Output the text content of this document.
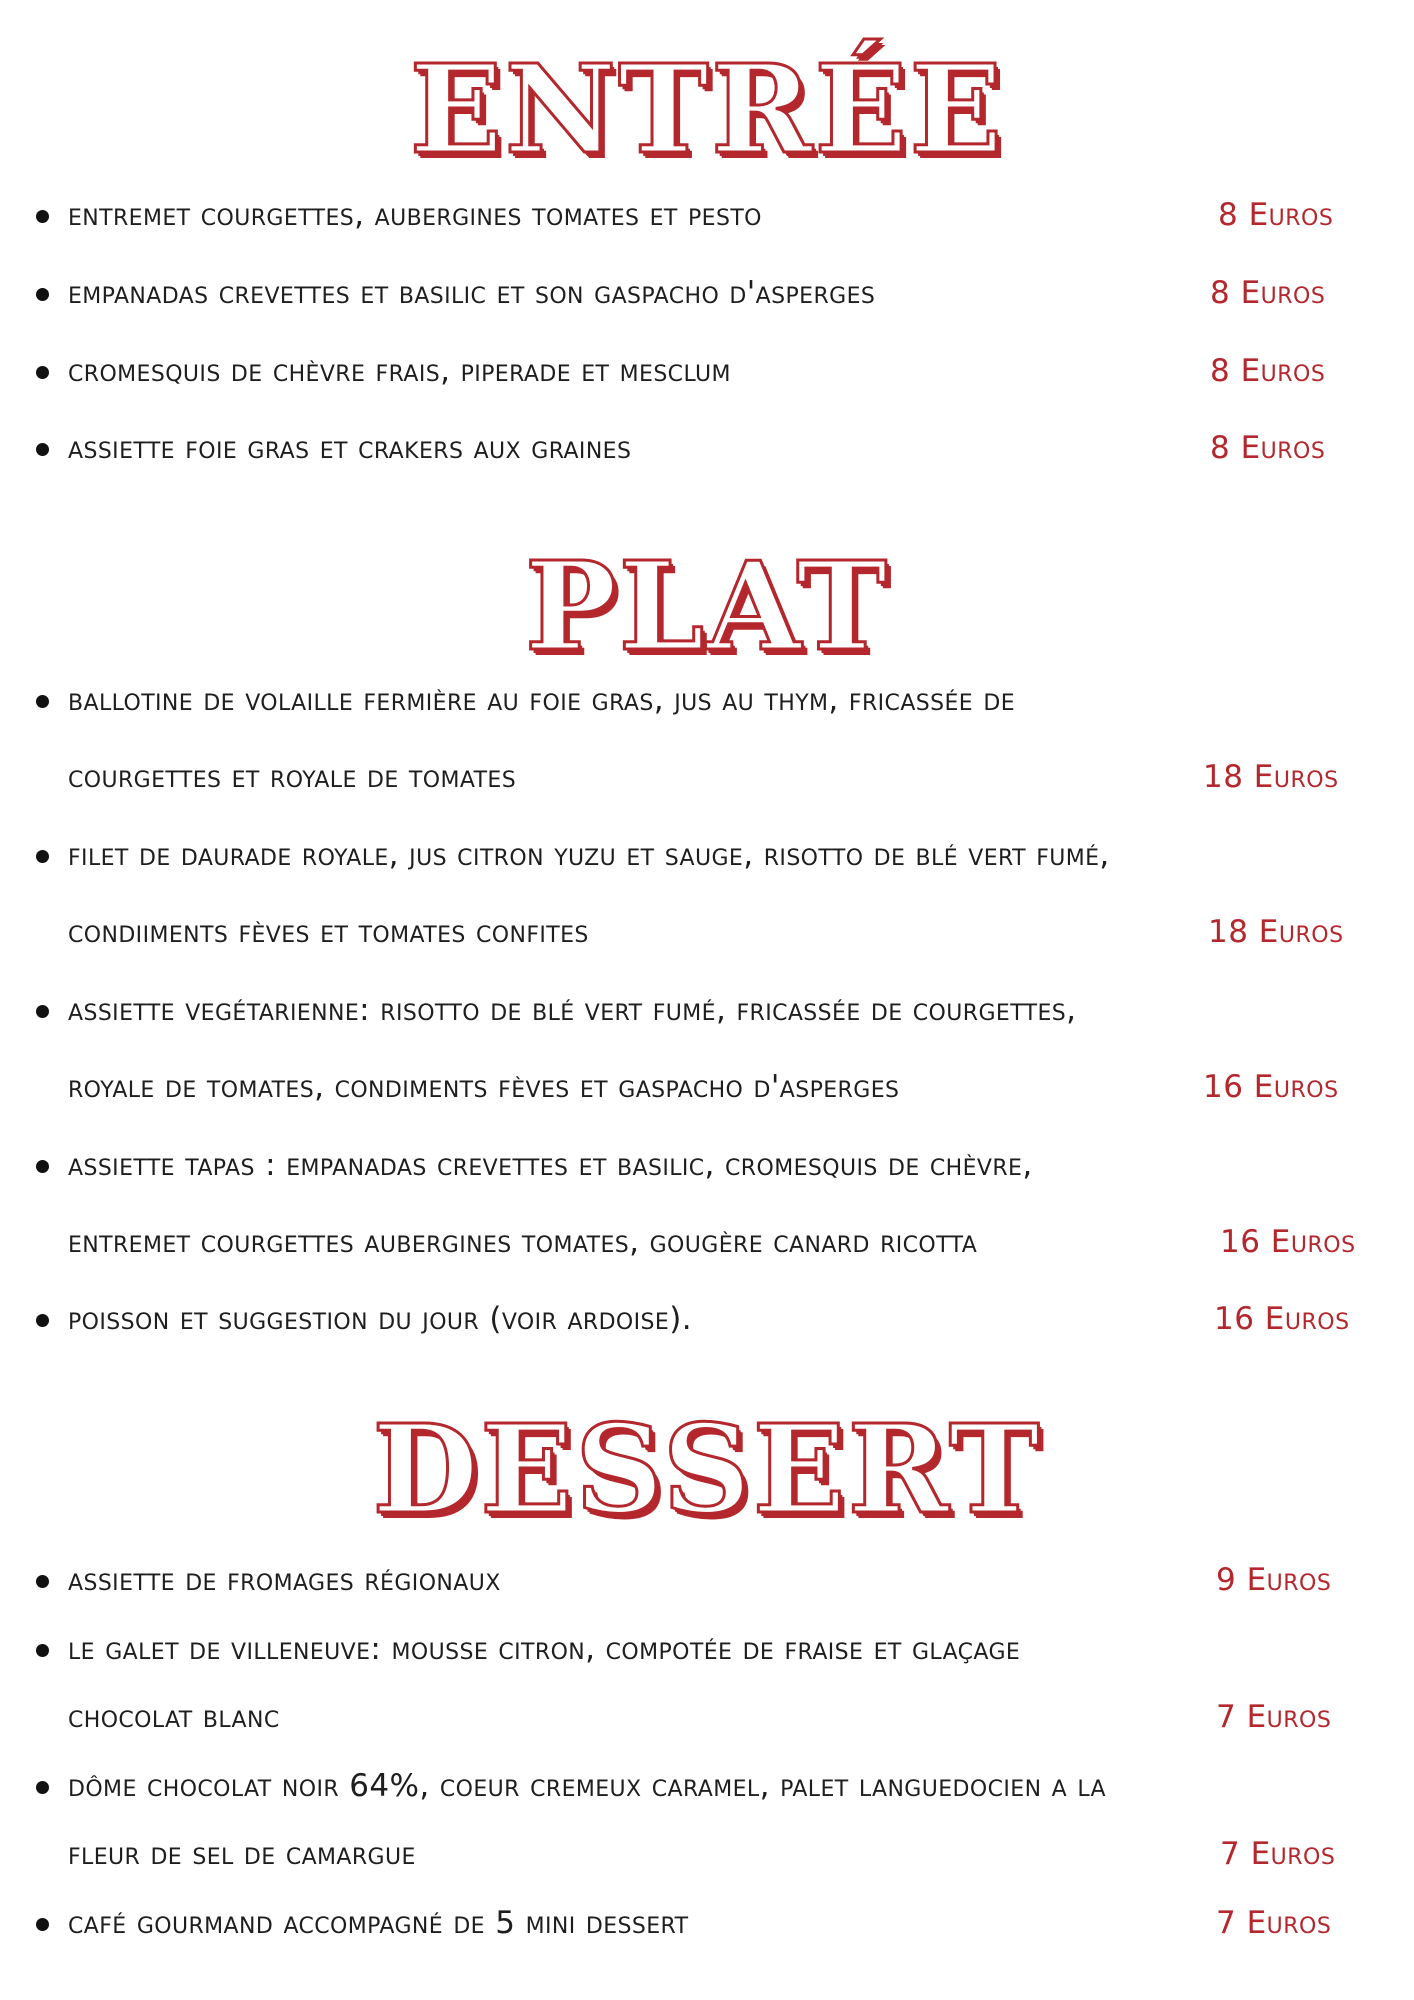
ENTRÉE
entremet courgettes, aubergines tomates et pesto	8 Euros
empanadas crevettes et basilic et son gaspacho d'asperges	8 Euros
cromesquis de chèvre frais, piperade et mesclum	8 Euros
assiette foie gras et crakers aux graines	8 Euros
PLAT
ballotine de volaille fermière au foie gras, jus au thym, fricassée de
courgettes et royale de tomates	18 Euros
filet de daurade royale, jus citron yuzu et sauge, risotto de blé vert fumé,
condiiments fèves et tomates confites	18 Euros
assiette vegétarienne: risotto de blé vert fumé, fricassée de courgettes,
royale de tomates, condiments fèves et gaspacho d'asperges	16 Euros
assiette tapas : empanadas crevettes et basilic, cromesquis de chèvre,
entremet courgettes aubergines tomates, gougère canard ricotta	16 Euros
poisson et suggestion du jour (voir ardoise).	16 Euros
DESSERT
assiette de fromages régionaux	9 Euros
le galet de villeneuve: mousse citron, compotée de fraise et glaçage
chocolat blanc	7 Euros
dôme chocolat noir 64%, coeur cremeux caramel, palet languedocien a la
fleur de sel de camargue	7 Euros
café gourmand accompagné de 5 mini dessert	7 Euros
